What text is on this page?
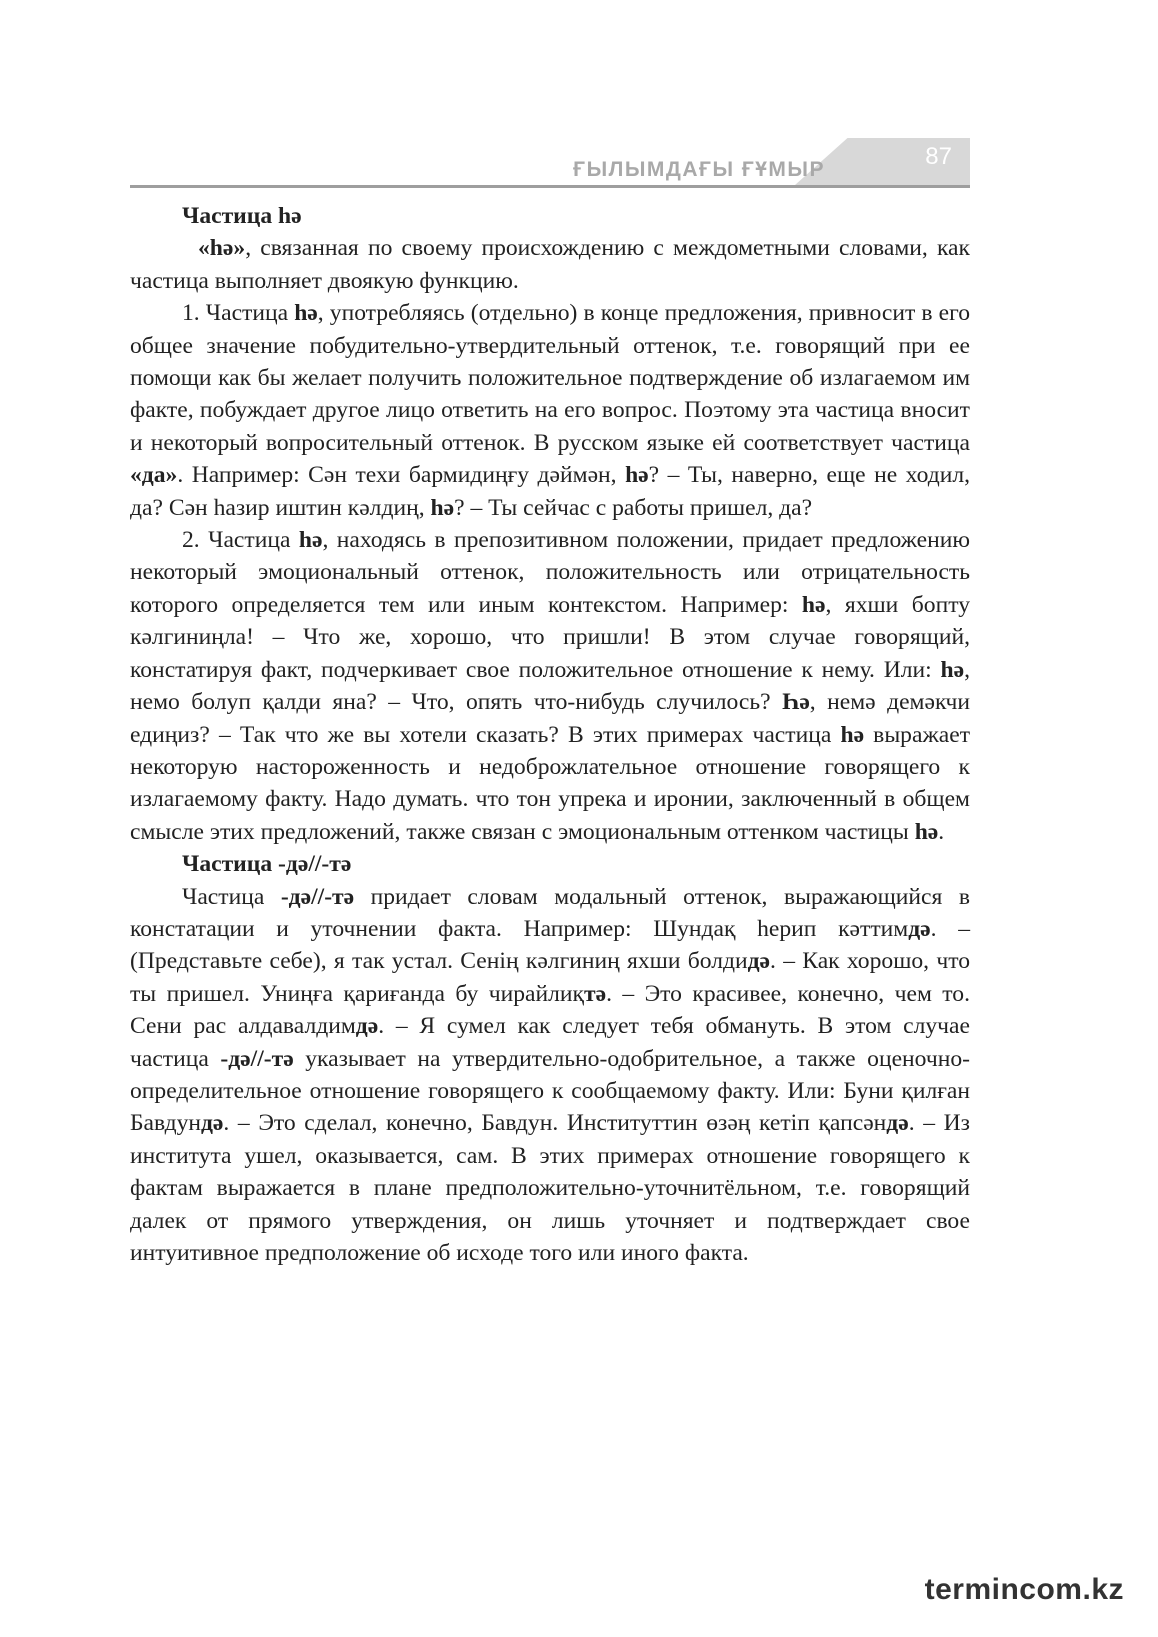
87
ҒЫЛЫМДАҒЫ ҒҰМЫР

Частица hə

«hə», связанная по своему происхождению с междометными словами, как частица выполняет двоякую функцию.

1. Частица hə, употребляясь (отдельно) в конце предложения, привносит в его общее значение побудительно-утвердительный оттенок, т.е. говорящий при ее помощи как бы желает получить положительное подтверждение об излагаемом им факте, побуждает другое лицо ответить на его вопрос. Поэтому эта частица вносит и некоторый вопросительный оттенок. В русском языке ей соответствует частица «да». Например: Сəн техи бармидиңғу дəймəн, hə? – Ты, наверно, еще не ходил, да? Сəн hазир иштин кəлдиң, hə? – Ты сейчас с работы пришел, да?

2. Частица hə, находясь в препозитивном положении, придает предложению некоторый эмоциональный оттенок, положительность или отрицательность которого определяется тем или иным контекстом. Например: hə, яхши бопту кəлгиниңла! – Что же, хорошо, что пришли! В этом случае говорящий, констатируя факт, подчеркивает свое положительное отношение к нему. Или: hə, немо болуп қалди яна? – Что, опять что-нибудь случилось? Һə, немə демəкчи едиңиз? – Так что же вы хотели сказать? В этих примерах частица hə выражает некоторую настороженность и недоброжлательное отношение говорящего к излагаемому факту. Надо думать. что тон упрека и иронии, заключенный в общем смысле этих предложений, также связан с эмоциональным оттенком частицы hə.

Частица -дə//-тə

Частица -дə//-тə придает словам модальный оттенок, выражающийся в констатации и уточнении факта. Например: Шундақ һерип кəттимдə. – (Представьте себе), я так устал. Сенің кəлгиниң яхши болдидə. – Как хорошо, что ты пришел. Униңға қариғанда бу чирайлиқтə. – Это красивее, конечно, чем то. Сени рас алдавалдимдə. – Я сумел как следует тебя обмануть. В этом случае частица -дə//-тə указывает на утвердительно-одобрительное, а также оценочно-определительное отношение говорящего к сообщаемому факту. Или: Буни қилған Бавдундə. – Это сделал, конечно, Бавдун. Институттин өзəң кетіп қапсəндə. – Из института ушел, оказывается, сам. В этих примерах отношение говорящего к фактам выражается в плане предположительно-уточнитёльном, т.е. говорящий далек от прямого утверждения, он лишь уточняет и подтверждает свое интуитивное предположение об исходе того или иного факта.

termincom.kz
